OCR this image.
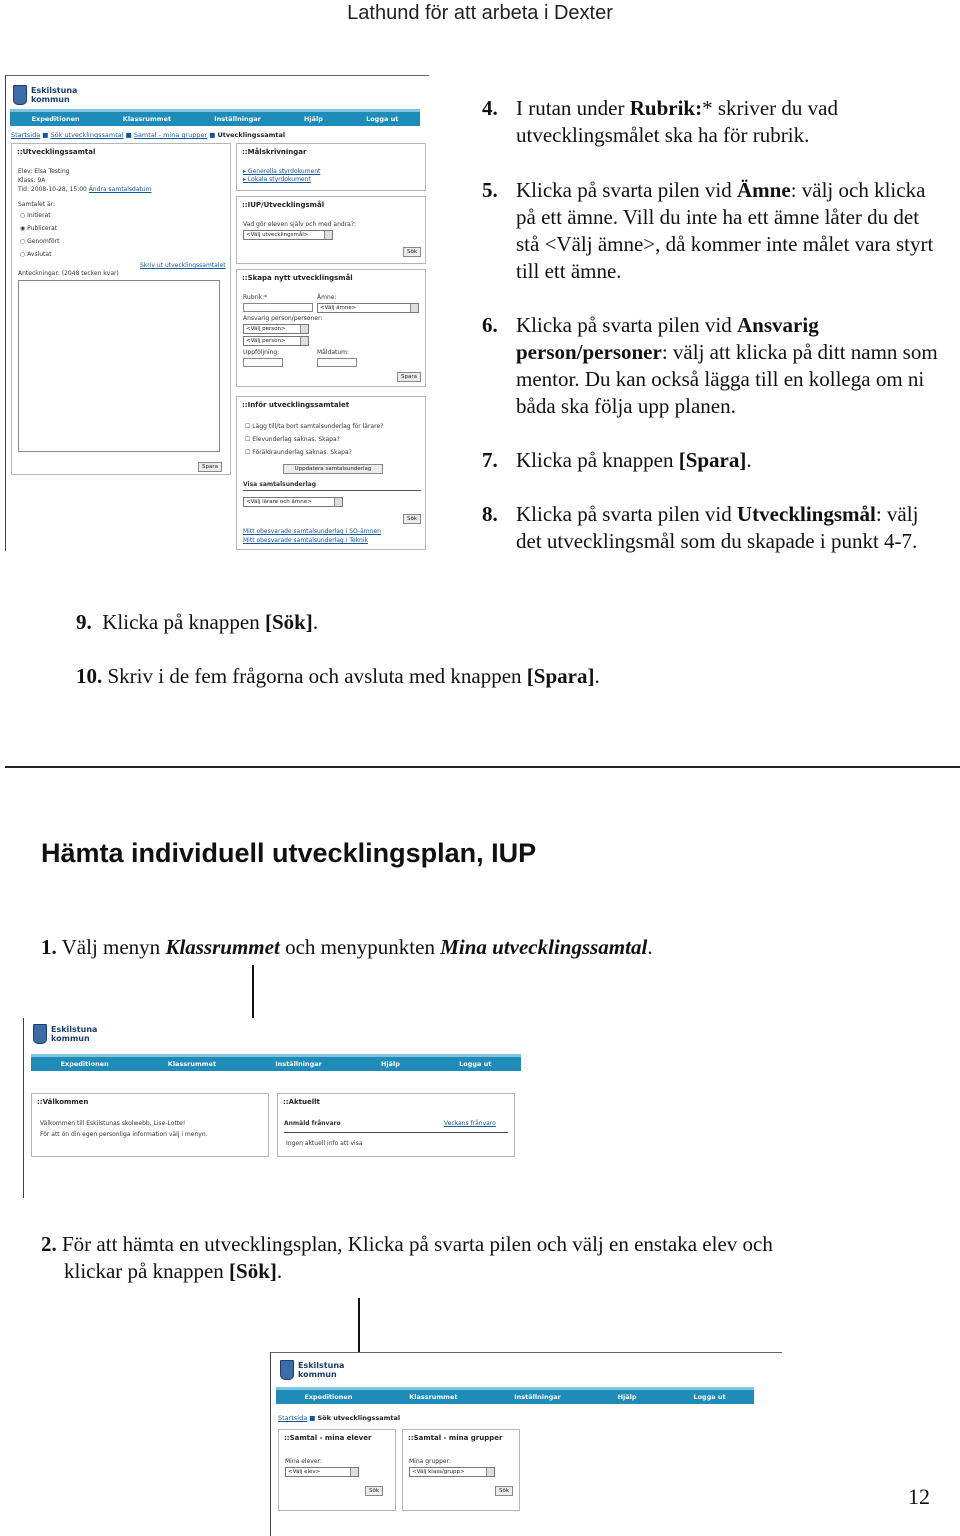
Lathund för att arbeta i Dexter
Eskilstuna
kommun
Expeditionen	Klassrummet	Inställningar	Hjälp	Logga ut
Startsida ■ Sök utvecklingssamtal ■ Samtal - mina grupper ■ Utvecklingssamtal
::Utvecklingssamtal
Elev: Elsa Testing
Klass: 9A
Tid: 2008-10-28, 15:00 Ändra samtalsdatum
Samtalet är:
○ Initierat
◉ Publicerat
○ Genomfört
○ Avslutat
Skriv ut utvecklingssamtalet
Anteckningar: (2048 tecken kvar)
Spara
::Målskrivningar
▸ Generella styrdokument
▸ Lokala styrdokument
::IUP/Utvecklingsmål
Vad gör eleven själv och med andra?:
<Välj utvecklingsmål>
Sök
::Skapa nytt utvecklingsmål
Rubrik:*	Ämne:
<Välj ämne>
Ansvarig person/personer:
<Välj person>
<Välj person>
Uppföljning:	Måldatum:
Spara
::Inför utvecklingssamtalet
☐ Lägg till/ta bort samtalsunderlag för lärare?
☐ Elevunderlag saknas. Skapa?
☐ Föräldraunderlag saknas. Skapa?
Uppdatera samtalsunderlag
Visa samtalsunderlag
<Välj lärare och ämne>
Sök
Mitt obesvarade samtalsunderlag i SO-ämnen
Mitt obesvarade samtalsunderlag i Teknik
4. I rutan under Rubrik:* skriver du vad utvecklingsmålet ska ha för rubrik.
5. Klicka på svarta pilen vid Ämne: välj och klicka på ett ämne. Vill du inte ha ett ämne låter du det stå <Välj ämne>, då kommer inte målet vara styrt till ett ämne.
6. Klicka på svarta pilen vid Ansvarig person/personer: välj att klicka på ditt namn som mentor. Du kan också lägga till en kollega om ni båda ska följa upp planen.
7. Klicka på knappen [Spara].
8. Klicka på svarta pilen vid Utvecklingsmål: välj det utvecklingsmål som du skapade i punkt 4-7.
9. Klicka på knappen [Sök].
10. Skriv i de fem frågorna och avsluta med knappen [Spara].
Hämta individuell utvecklingsplan, IUP
1. Välj menyn Klassrummet och menypunkten Mina utvecklingssamtal.
Eskilstuna
kommun
Expeditionen	Klassrummet	Inställningar	Hjälp	Logga ut
::Välkommen
Välkommen till Eskilstunas skolwebb, Lise-Lotte!
För att ön din egen personliga information välj i menyn.
::Aktuellt
Anmäld frånvaro	Veckans frånvaro
Ingen aktuell info att visa
2. För att hämta en utvecklingsplan, Klicka på svarta pilen och välj en enstaka elev och
klickar på knappen [Sök].
Eskilstuna
kommun
Expeditionen	Klassrummet	Inställningar	Hjälp	Logga ut
Startsida ■ Sök utvecklingssamtal
::Samtal - mina elever
Mina elever:
<Välj elev>
Sök
::Samtal - mina grupper
Mina grupper:
<Välj klass/grupp>
Sök	12
